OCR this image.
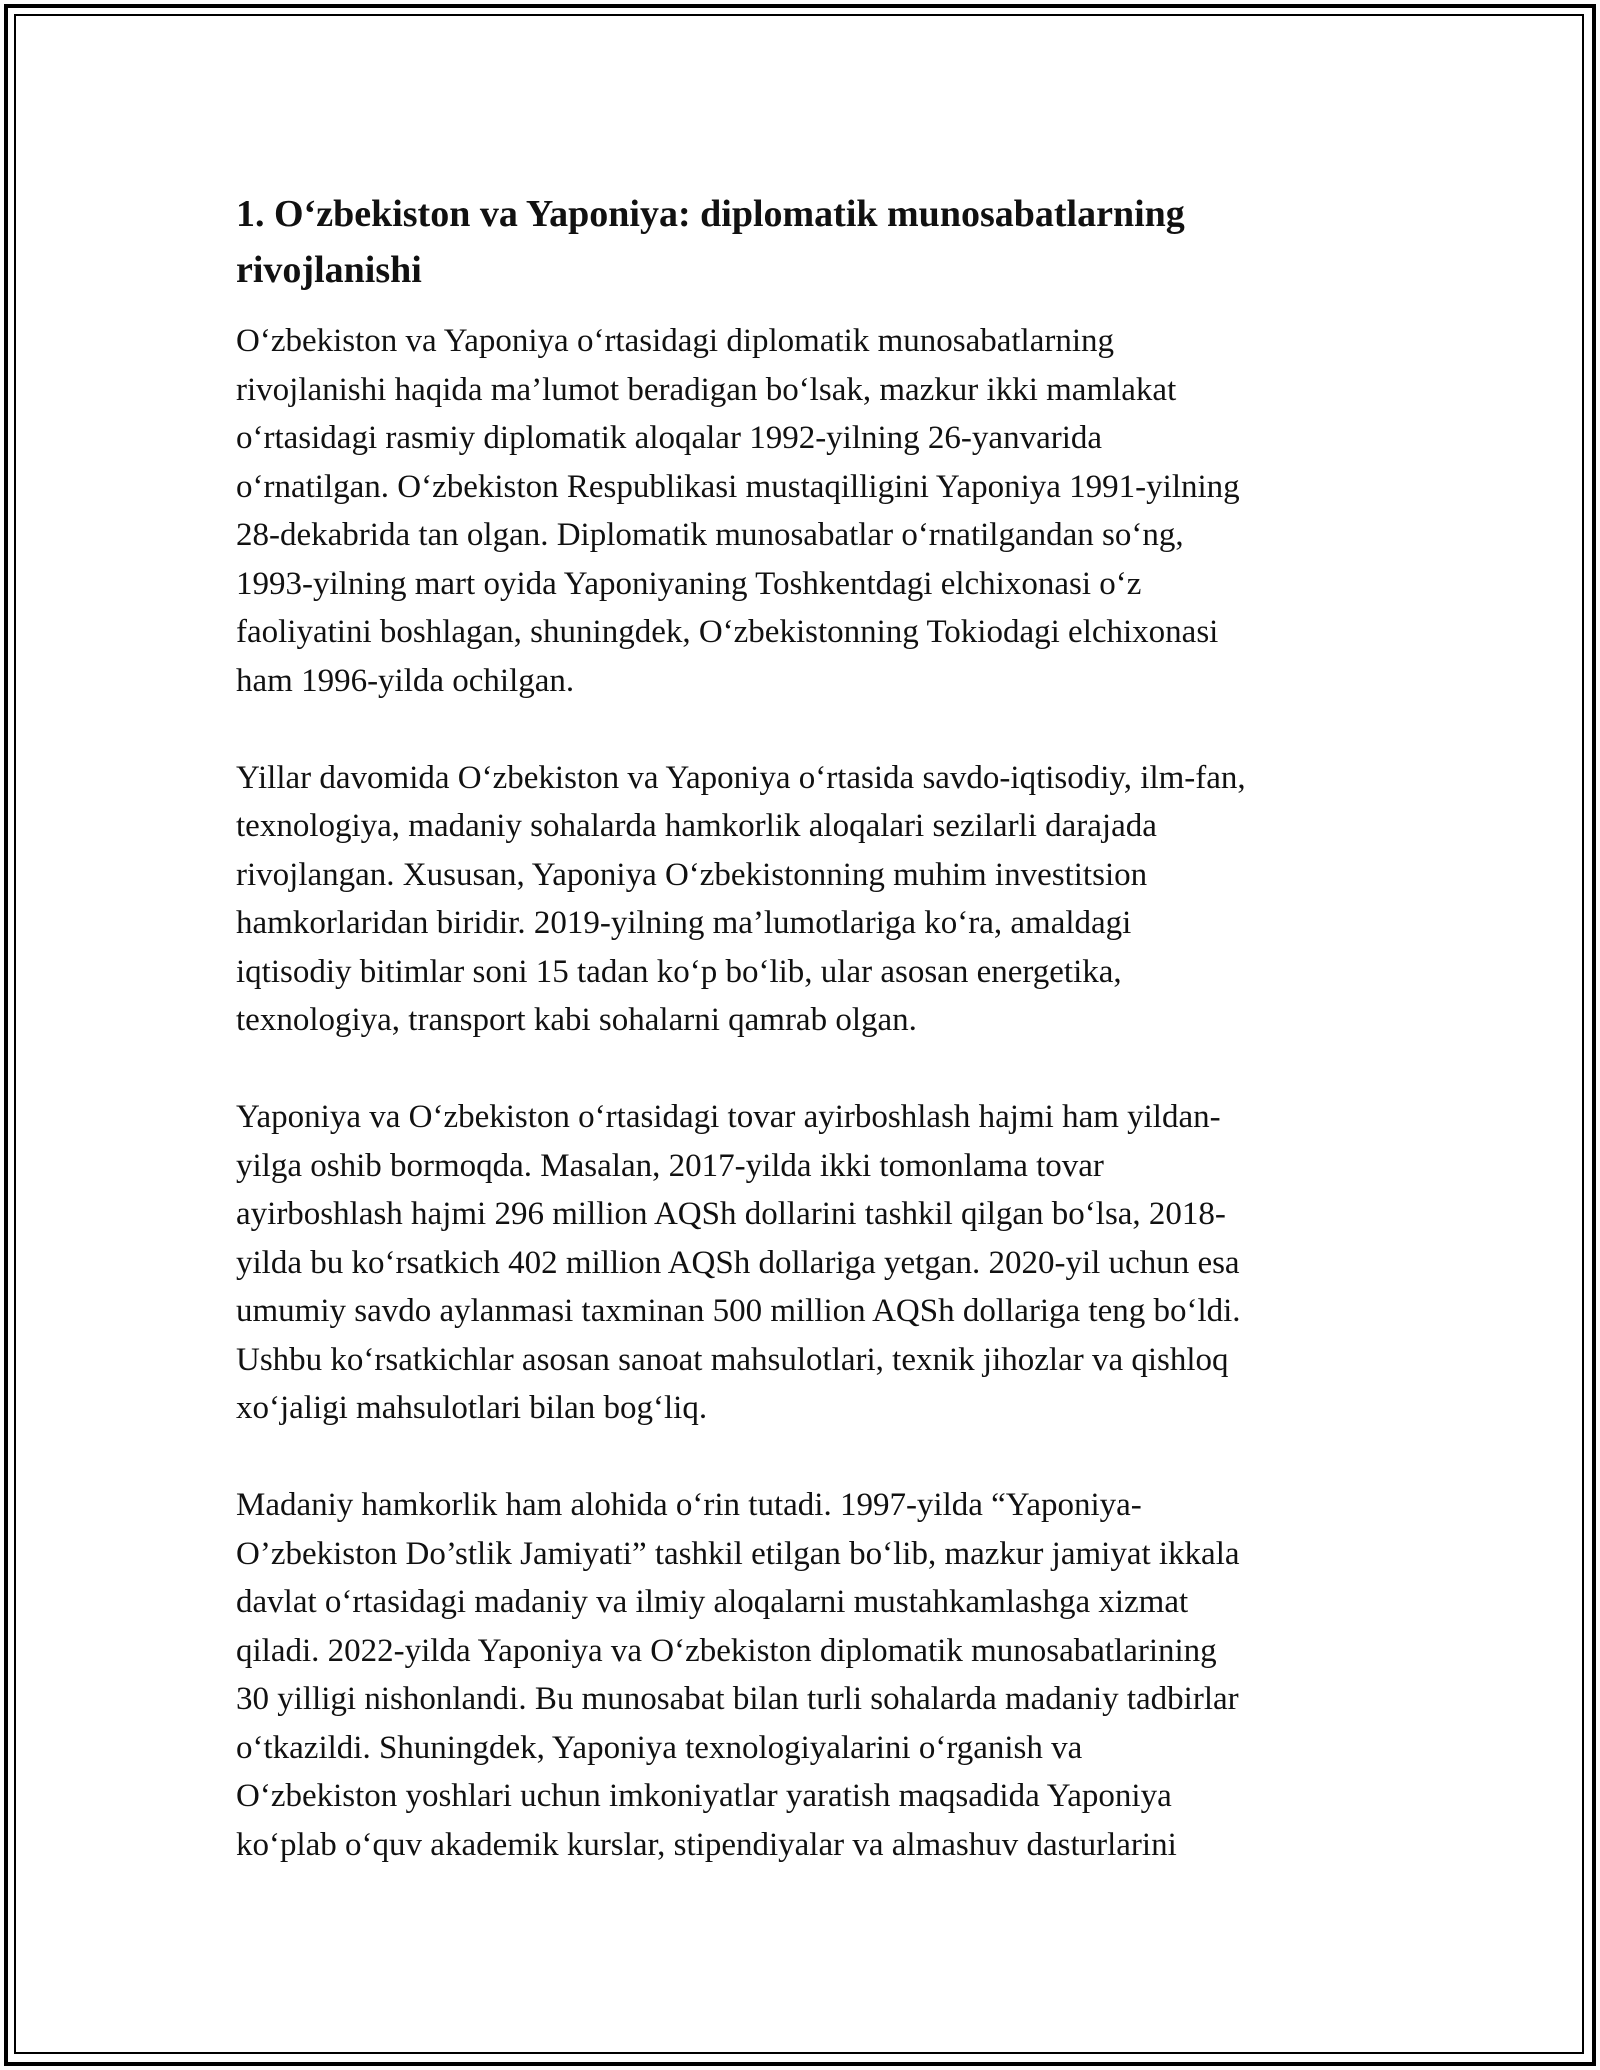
1. O‘zbekiston va Yaponiya: diplomatik munosabatlarning
rivojlanishi

O‘zbekiston va Yaponiya o‘rtasidagi diplomatik munosabatlarning
rivojlanishi haqida ma’lumot beradigan bo‘lsak, mazkur ikki mamlakat
o‘rtasidagi rasmiy diplomatik aloqalar 1992-yilning 26-yanvarida
o‘rnatilgan. O‘zbekiston Respublikasi mustaqilligini Yaponiya 1991-yilning
28-dekabrida tan olgan. Diplomatik munosabatlar o‘rnatilgandan so‘ng,
1993-yilning mart oyida Yaponiyaning Toshkentdagi elchixonasi o‘z
faoliyatini boshlagan, shuningdek, O‘zbekistonning Tokiodagi elchixonasi
ham 1996-yilda ochilgan.

Yillar davomida O‘zbekiston va Yaponiya o‘rtasida savdo-iqtisodiy, ilm-fan,
texnologiya, madaniy sohalarda hamkorlik aloqalari sezilarli darajada
rivojlangan. Xususan, Yaponiya O‘zbekistonning muhim investitsion
hamkorlaridan biridir. 2019-yilning ma’lumotlariga ko‘ra, amaldagi
iqtisodiy bitimlar soni 15 tadan ko‘p bo‘lib, ular asosan energetika,
texnologiya, transport kabi sohalarni qamrab olgan.

Yaponiya va O‘zbekiston o‘rtasidagi tovar ayirboshlash hajmi ham yildan-
yilga oshib bormoqda. Masalan, 2017-yilda ikki tomonlama tovar
ayirboshlash hajmi 296 million AQSh dollarini tashkil qilgan bo‘lsa, 2018-
yilda bu ko‘rsatkich 402 million AQSh dollariga yetgan. 2020-yil uchun esa
umumiy savdo aylanmasi taxminan 500 million AQSh dollariga teng bo‘ldi.
Ushbu ko‘rsatkichlar asosan sanoat mahsulotlari, texnik jihozlar va qishloq
xo‘jaligi mahsulotlari bilan bog‘liq.

Madaniy hamkorlik ham alohida o‘rin tutadi. 1997-yilda “Yaponiya-
O’zbekiston Do’stlik Jamiyati” tashkil etilgan bo‘lib, mazkur jamiyat ikkala
davlat o‘rtasidagi madaniy va ilmiy aloqalarni mustahkamlashga xizmat
qiladi. 2022-yilda Yaponiya va O‘zbekiston diplomatik munosabatlarining
30 yilligi nishonlandi. Bu munosabat bilan turli sohalarda madaniy tadbirlar
o‘tkazildi. Shuningdek, Yaponiya texnologiyalarini o‘rganish va
O‘zbekiston yoshlari uchun imkoniyatlar yaratish maqsadida Yaponiya
ko‘plab o‘quv akademik kurslar, stipendiyalar va almashuv dasturlarini
